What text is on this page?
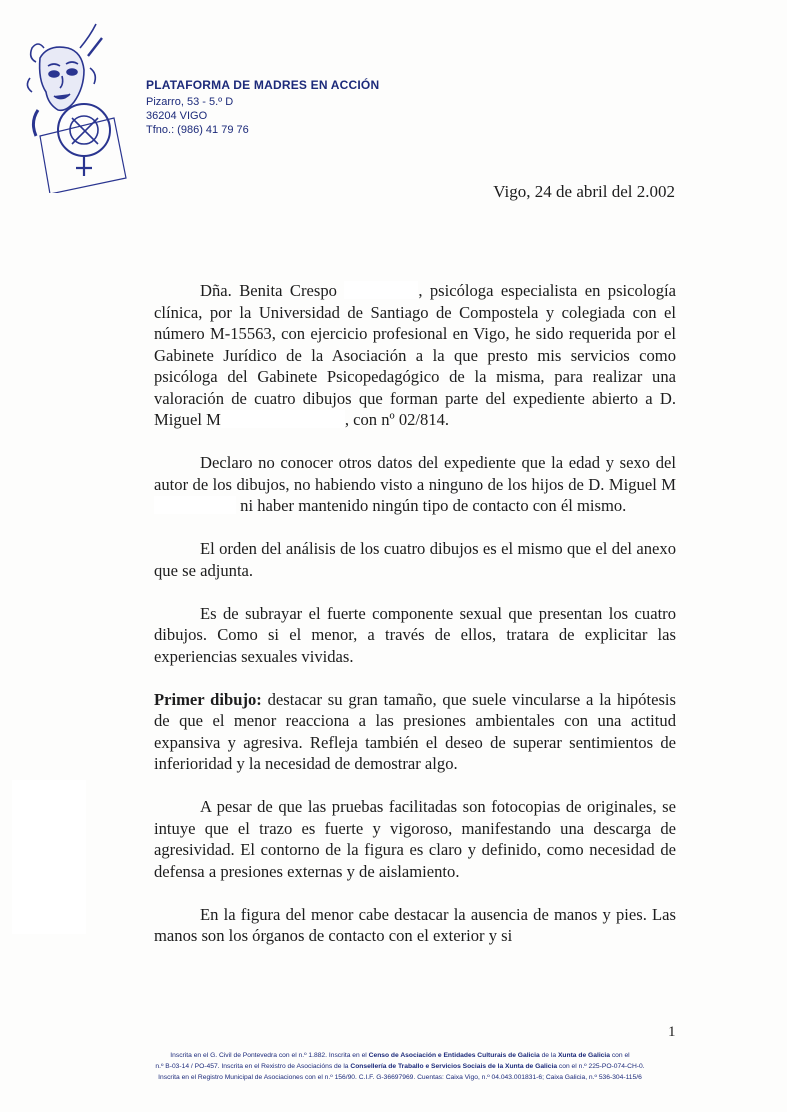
PLATAFORMA DE MADRES EN ACCIÓN
Pizarro, 53 - 5.º D
36204 VIGO
Tfno.: (986) 41 79 76
Vigo, 24 de abril del 2.002

Dña. Benita Crespo	, psicóloga especialista en psicología clínica, por la Universidad de Santiago de Compostela y colegiada con el número M-15563, con ejercicio profesional en Vigo, he sido requerida por el Gabinete Jurídico de la Asociación a la que presto mis servicios como psicóloga del Gabinete Psicopedagógico de la misma, para realizar una valoración de cuatro dibujos que forman parte del expediente abierto a D. Miguel M	, con nº 02/814.

Declaro no conocer otros datos del expediente que la edad y sexo del autor de los dibujos, no habiendo visto a ninguno de los hijos de D. Miguel M ni haber mantenido ningún tipo de contacto con él mismo.

El orden del análisis de los cuatro dibujos es el mismo que el del anexo que se adjunta.

Es de subrayar el fuerte componente sexual que presentan los cuatro dibujos. Como si el menor, a través de ellos, tratara de explicitar las experiencias sexuales vividas.

Primer dibujo: destacar su gran tamaño, que suele vincularse a la hipótesis de que el menor reacciona a las presiones ambientales con una actitud expansiva y agresiva. Refleja también el deseo de superar sentimientos de inferioridad y la necesidad de demostrar algo.

A pesar de que las pruebas facilitadas son fotocopias de originales, se intuye que el trazo es fuerte y vigoroso, manifestando una descarga de agresividad. El contorno de la figura es claro y definido, como necesidad de defensa a presiones externas y de aislamiento.

En la figura del menor cabe destacar la ausencia de manos y pies. Las manos son los órganos de contacto con el exterior y si

1
Inscrita en el G. Civil de Pontevedra con el n.º 1.882. Inscrita en el Censo de Asociación e Entidades Culturais de Galicia de la Xunta de Galicia con el
n.º B-03-14 / PO-457. Inscrita en el Rexistro de Asociacións de la Consellería de Traballo e Servicios Sociais de la Xunta de Galicia con el n.º 225-PO-074-CH-0.
Inscrita en el Registro Municipal de Asociaciones con el n.º 156/90. C.I.F. G-36697969. Cuentas: Caixa Vigo, n.º 04.043.001831-6; Caixa Galicia, n.º 536-304-115/6
